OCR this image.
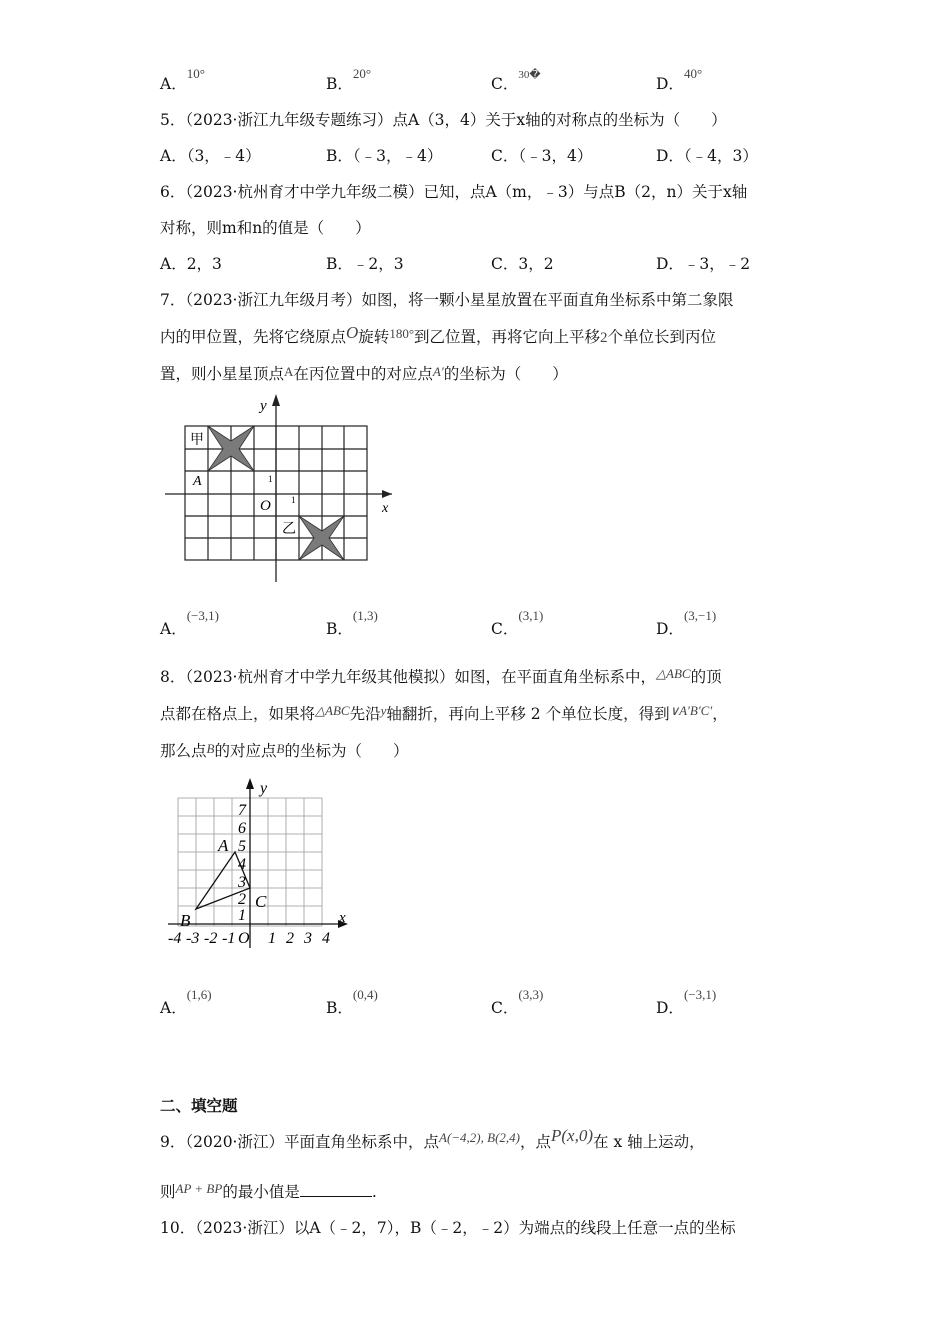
A．$^{10^\circ}$
B．$^{20^\circ}$
C．$^{30�}$	D．$^{40^\circ}$
5．（2023·浙江九年级专题练习）点A（3，4）关于x轴的对称点的坐标为（　　）
A．（3，﹣4）	B．（﹣3，﹣4）	C．（﹣3，4）	D．（﹣4，3）
6．（2023·杭州育才中学九年级二模）已知，点A（m，﹣3）与点B（2，n）关于x轴
对称，则m和n的值是（　　）
A．2，3	B．﹣2，3	C．3，2	D．﹣3，﹣2
7．（2023·浙江九年级月考）如图，将一颗小星星放置在平面直角坐标系中第二象限
内的甲位置，先将它绕原点O旋转$^{180^\circ}$到乙位置，再将它向上平移2个单位长到丙位
置，则小星星顶点A在丙位置中的对应点A′的坐标为（　　）
y
x
O
A	1
1
甲
乙
A．$^{(-3,1)}$
B．$^{(1,3)}$
C．$^{(3,1)}$
D．$^{(3,-1)}$
8．（2023·杭州育才中学九年级其他模拟）如图，在平面直角坐标系中，$^{\triangle ABC}$的顶
点都在格点上，如果将$^{\triangle ABC}$先沿$^y$轴翻折，再向上平移 2 个单位长度，得到$^{\vee A'B'C'}$，
那么点B的对应点B的坐标为（　　）
y
x
A
B
C
1
2
3
4
5
6
7
-4 -3 -2 -1 O 1 2 3 4
A．$^{(1,6)}$
B．$^{(0,4)}$
C．$^{(3,3)}$
D．$^{(-3,1)}$
二、填空题
9．（2020·浙江）平面直角坐标系中，点$^{A(-4,2), B(2,4)}$，点P(x,0)在 x 轴上运动，
则$^{AP + BP}$的最小值是	.
10．（2023·浙江）以A（﹣2，7），B（﹣2，﹣2）为端点的线段上任意一点的坐标
